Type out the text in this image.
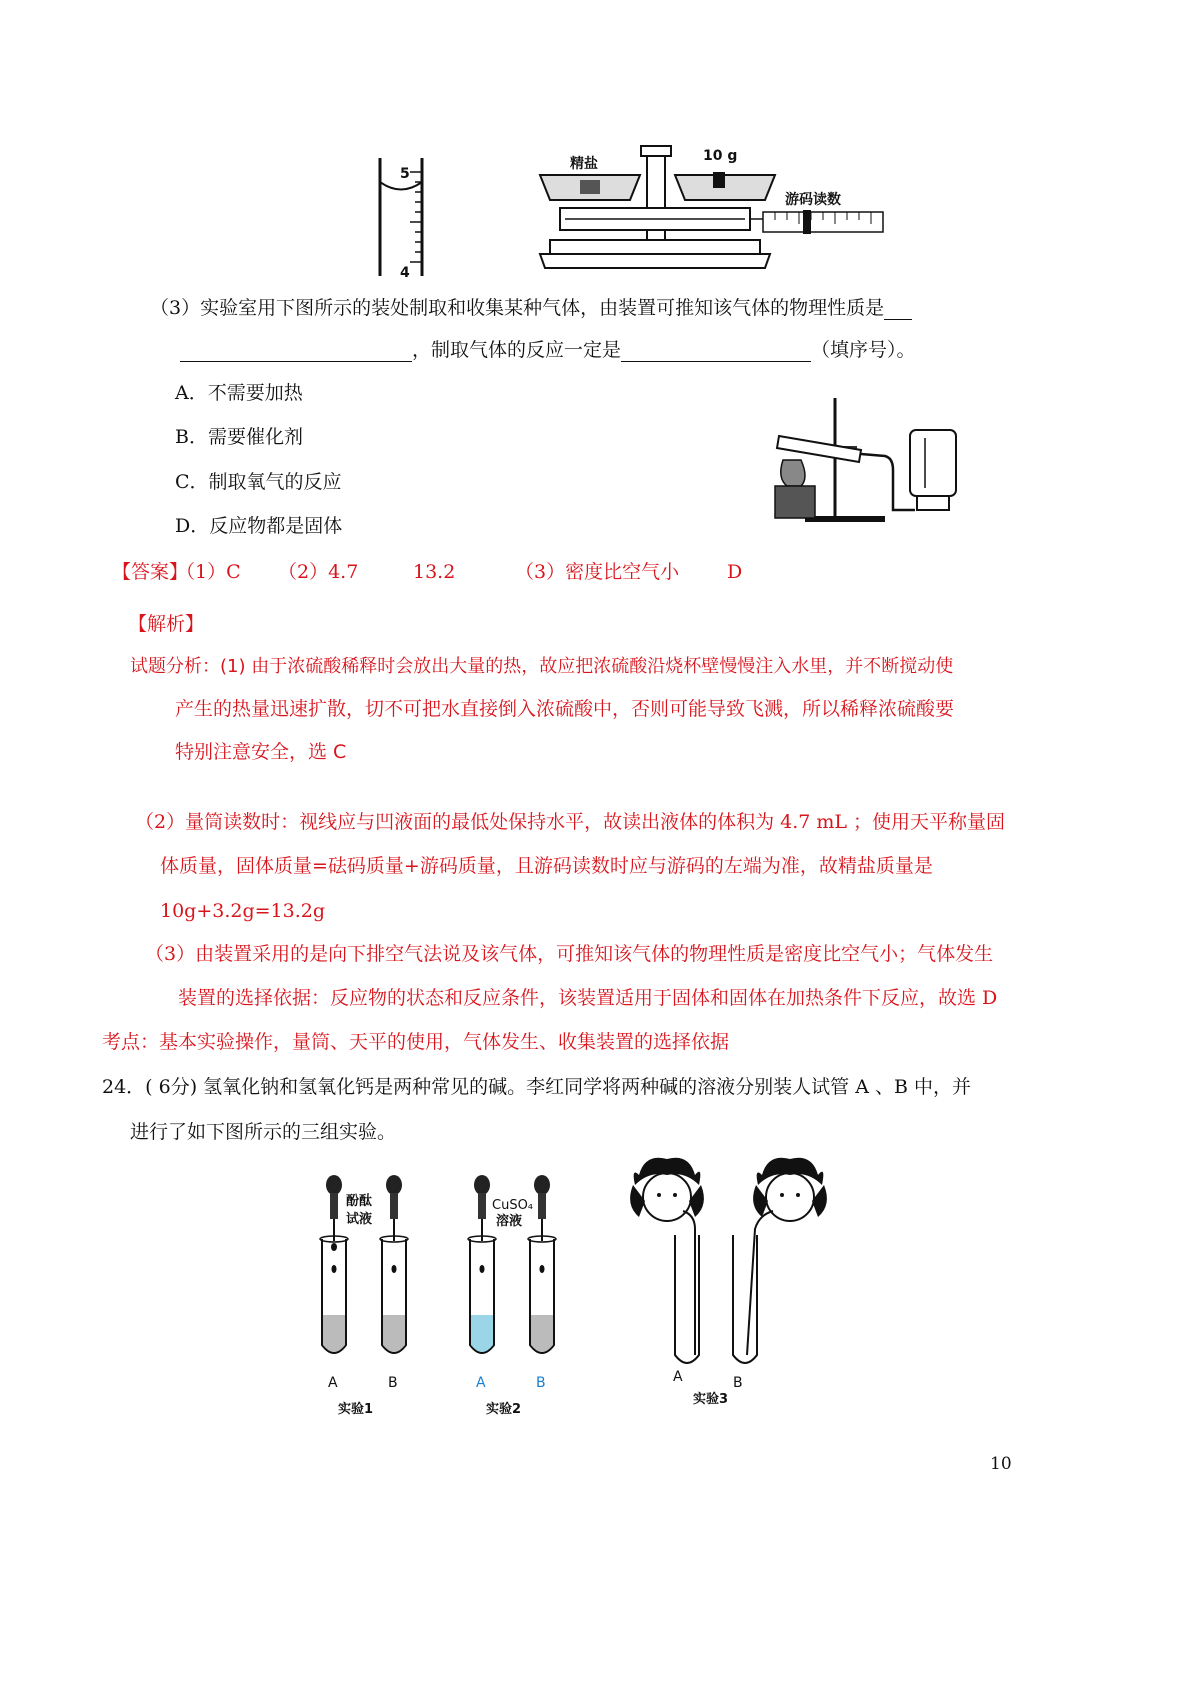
5
4
精盐	10 g
游码读数
（3）实验室用下图所示的装处制取和收集某种气体，由装置可推知该气体的物理性质是
，制取气体的反应一定是	（填序号）。
A．不需要加热
B．需要催化剂
C．制取氧气的反应
D．反应物都是固体
【答案】
（1）C （2）4.7	13.2	（3）密度比空气小	D
【解析】
试题分析：(1) 由于浓硫酸稀释时会放出大量的热，故应把浓硫酸沿烧杯壁慢慢注入水里，并不断搅动使
产生的热量迅速扩散，切不可把水直接倒入浓硫酸中，否则可能导致飞溅，所以稀释浓硫酸要
特别注意安全，选 C
（2）量筒读数时：视线应与凹液面的最低处保持水平，故读出液体的体积为 4.7 mL ；使用天平称量固
体质量，固体质量=砝码质量+游码质量，且游码读数时应与游码的左端为准，故精盐质量是
10g+3.2g=13.2g
（3）由装置采用的是向下排空气法说及该气体，可推知该气体的物理性质是密度比空气小；气体发生
装置的选择依据：反应物的状态和反应条件，该装置适用于固体和固体在加热条件下反应，故选 D
考点：基本实验操作，量筒、天平的使用，气体发生、收集装置的选择依据
24．( 6分) 氢氧化钠和氢氧化钙是两种常见的碱。李红同学将两种碱的溶液分别装人试管 A 、B 中，并
进行了如下图所示的三组实验。
酚酞
试液
A	B
实验1
CuSO₄
溶液
A	B
实验2
A	B
实验3
10
